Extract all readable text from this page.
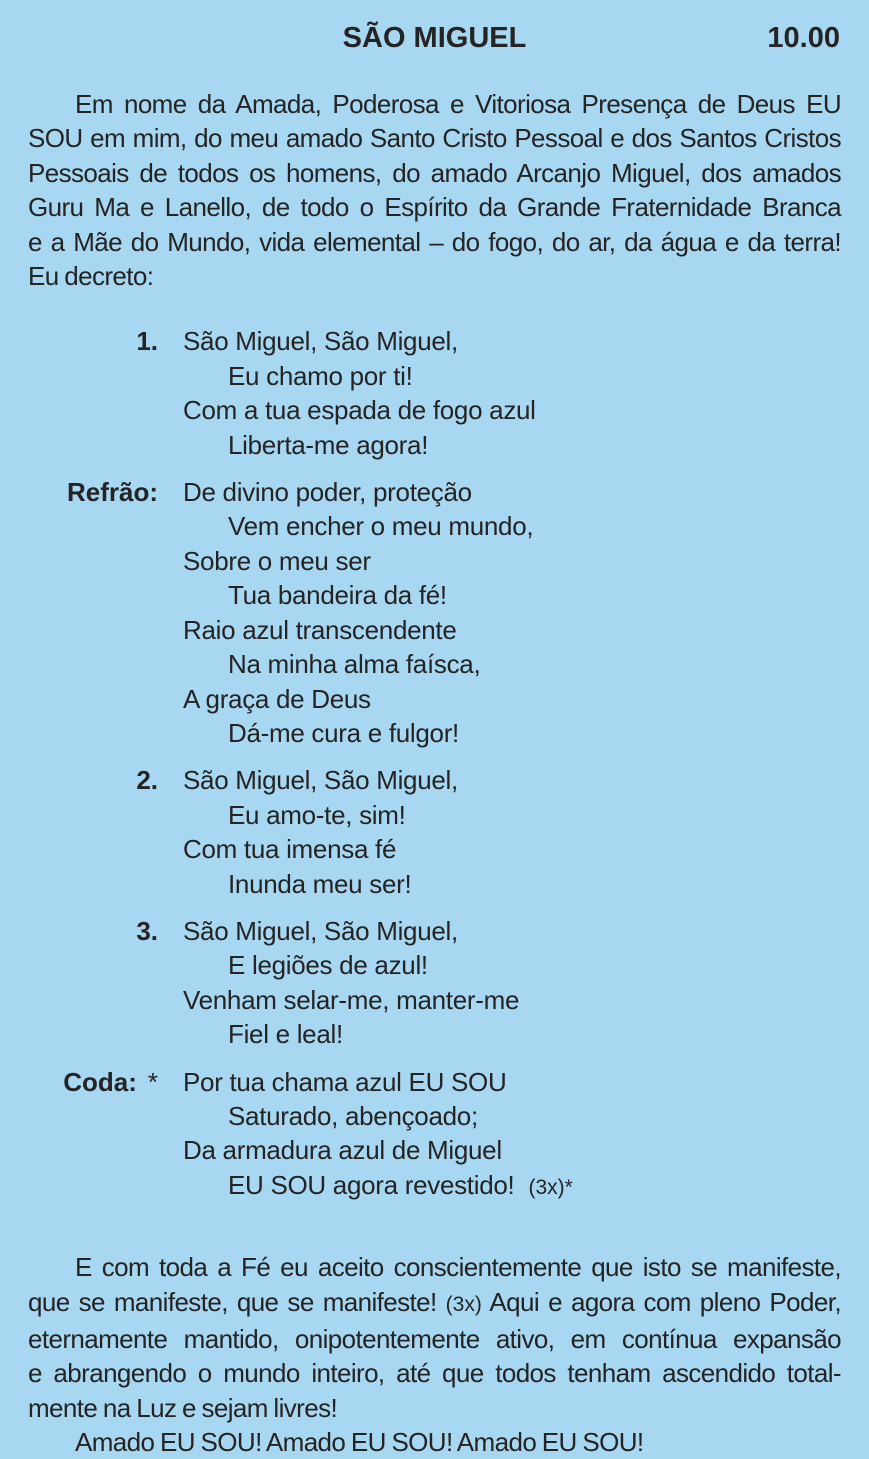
SÃO MIGUEL	10.00
Em nome da Amada, Poderosa e Vitoriosa Presença de Deus EU
SOU em mim, do meu amado Santo Cristo Pessoal e dos Santos Cristos
Pessoais de todos os homens, do amado Arcanjo Miguel, dos amados
Guru Ma e Lanello, de todo o Espírito da Grande Fraternidade Branca
e a Mãe do Mundo, vida elemental – do fogo, do ar, da água e da terra!
Eu decreto:
1. São Miguel, São Miguel,
Eu chamo por ti!
Com a tua espada de fogo azul
Liberta-me agora!
Refrão: De divino poder, proteção
Vem encher o meu mundo,
Sobre o meu ser
Tua bandeira da fé!
Raio azul transcendente
Na minha alma faísca,
A graça de Deus
Dá-me cura e fulgor!
2. São Miguel, São Miguel,
Eu amo-te, sim!
Com tua imensa fé
Inunda meu ser!
3. São Miguel, São Miguel,
E legiões de azul!
Venham selar-me, manter-me
Fiel e leal!
Coda: * Por tua chama azul EU SOU
Saturado, abençoado;
Da armadura azul de Miguel
EU SOU agora revestido! (3x)*
E com toda a Fé eu aceito conscientemente que isto se manifeste,
que se manifeste, que se manifeste! (3x) Aqui e agora com pleno Poder,
eternamente mantido, onipotentemente ativo, em contínua expansão
e abrangendo o mundo inteiro, até que todos tenham ascendido total-
mente na Luz e sejam livres!
Amado EU SOU! Amado EU SOU! Amado EU SOU!
